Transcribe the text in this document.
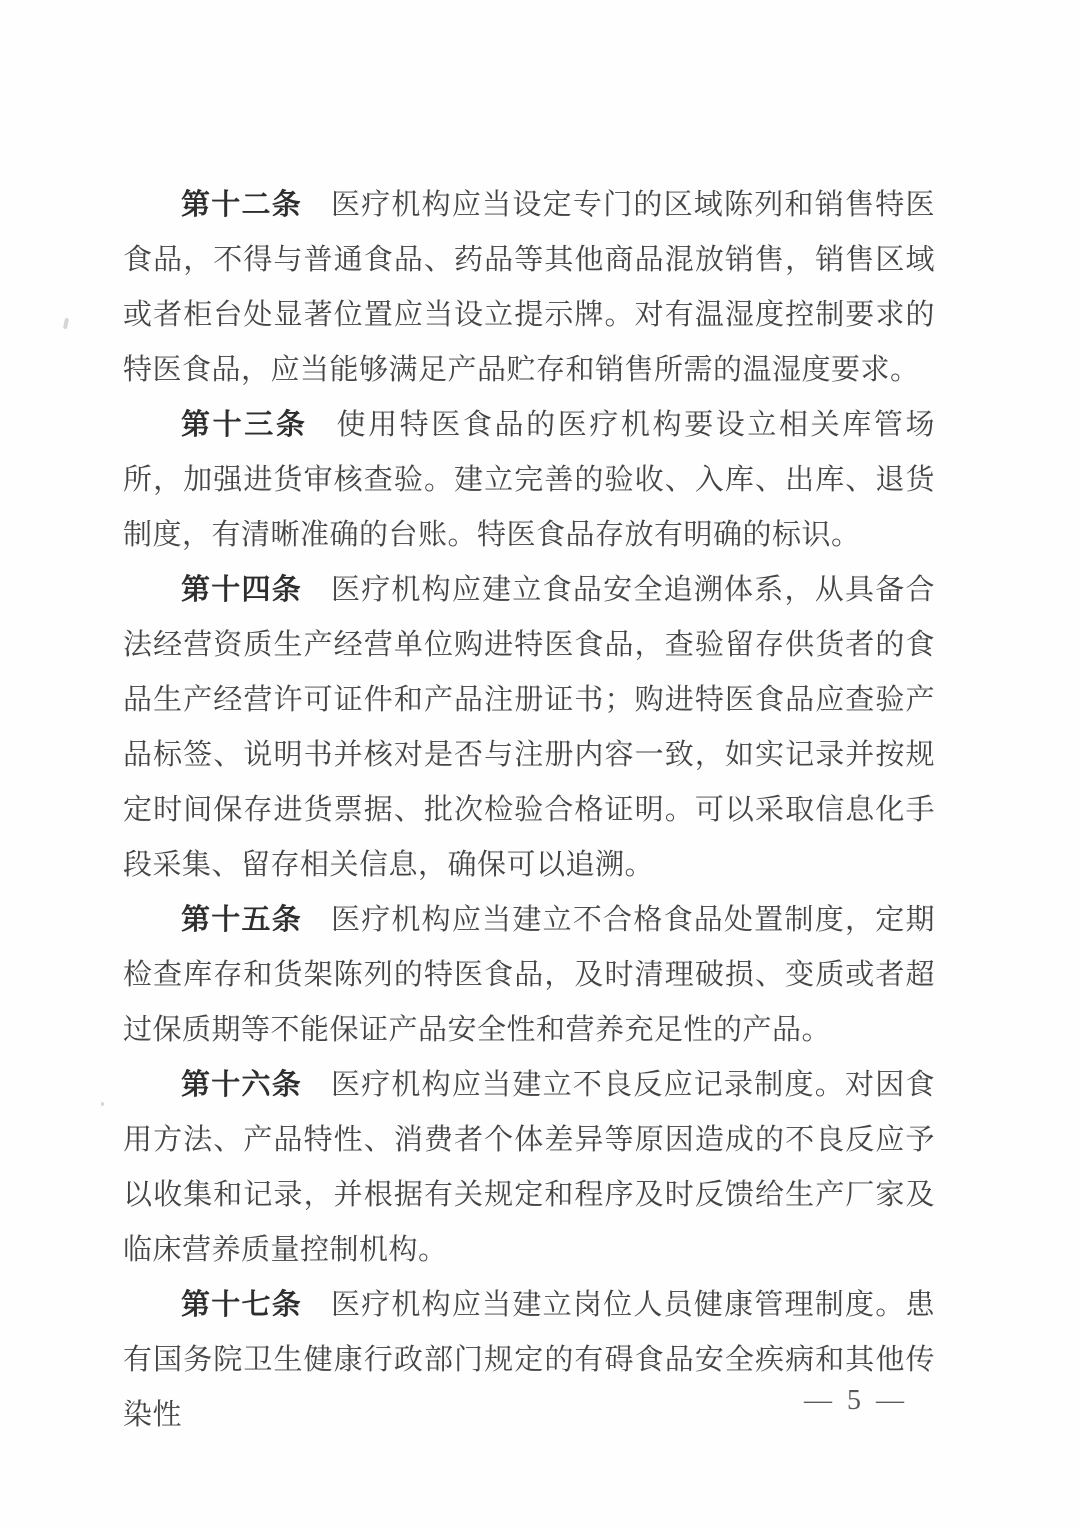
第十二条 医疗机构应当设定专门的区域陈列和销售特医食品，不得与普通食品、药品等其他商品混放销售，销售区域或者柜台处显著位置应当设立提示牌。对有温湿度控制要求的特医食品，应当能够满足产品贮存和销售所需的温湿度要求。

第十三条 使用特医食品的医疗机构要设立相关库管场所，加强进货审核查验。建立完善的验收、入库、出库、退货制度，有清晰准确的台账。特医食品存放有明确的标识。

第十四条 医疗机构应建立食品安全追溯体系，从具备合法经营资质生产经营单位购进特医食品，查验留存供货者的食品生产经营许可证件和产品注册证书；购进特医食品应查验产品标签、说明书并核对是否与注册内容一致，如实记录并按规定时间保存进货票据、批次检验合格证明。可以采取信息化手段采集、留存相关信息，确保可以追溯。

第十五条 医疗机构应当建立不合格食品处置制度，定期检查库存和货架陈列的特医食品，及时清理破损、变质或者超过保质期等不能保证产品安全性和营养充足性的产品。

第十六条 医疗机构应当建立不良反应记录制度。对因食用方法、产品特性、消费者个体差异等原因造成的不良反应予以收集和记录，并根据有关规定和程序及时反馈给生产厂家及临床营养质量控制机构。

第十七条 医疗机构应当建立岗位人员健康管理制度。患有国务院卫生健康行政部门规定的有碍食品安全疾病和其他传染性	— 5 —
